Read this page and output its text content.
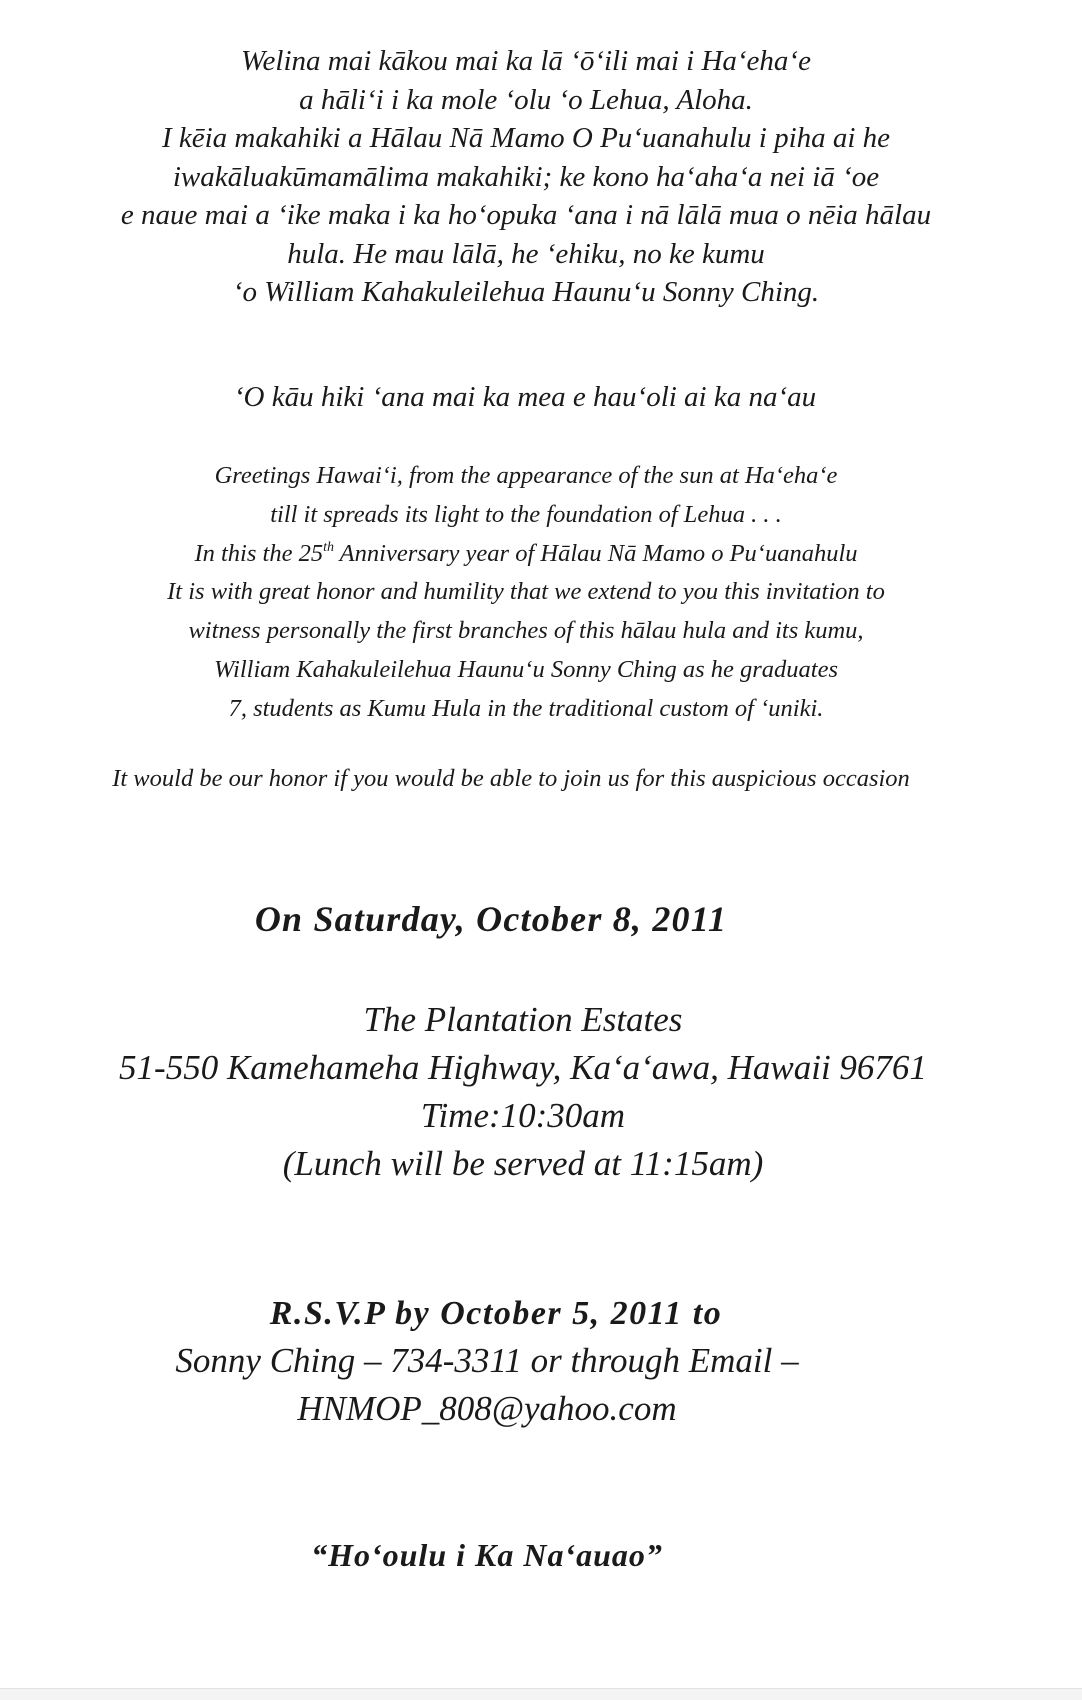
Welina mai kākou mai ka lā ʻōʻili mai i Haʻehaʻe
a hāliʻi i ka mole ʻolu ʻo Lehua, Aloha.
I kēia makahiki a Hālau Nā Mamo O Puʻuanahulu i piha ai he
iwakāluakūmamālima makahiki; ke kono haʻahaʻa nei iā ʻoe
e naue mai a ʻike maka i ka hoʻopuka ʻana i nā lālā mua o nēia hālau
hula. He mau lālā, he ʻehiku, no ke kumu
ʻo William Kahakuleilehua Haunuʻu Sonny Ching.
ʻO kāu hiki ʻana mai ka mea e hauʻoli ai ka naʻau
Greetings Hawaiʻi, from the appearance of the sun at Haʻehaʻe
till it spreads its light to the foundation of Lehua . . .
In this the 25th Anniversary year of Hālau Nā Mamo o Puʻuanahulu
It is with great honor and humility that we extend to you this invitation to
witness personally the first branches of this hālau hula and its kumu,
William Kahakuleilehua Haunuʻu Sonny Ching as he graduates
7, students as Kumu Hula in the traditional custom of ʻuniki.
It would be our honor if you would be able to join us for this auspicious occasion
On Saturday, October 8, 2011
The Plantation Estates
51-550 Kamehameha Highway, Kaʻaʻawa, Hawaii 96761
Time:10:30am
(Lunch will be served at 11:15am)
R.S.V.P by October 5, 2011 to
Sonny Ching – 734-3311 or through Email –
HNMOP_808@yahoo.com
“Hoʻoulu i Ka Naʻauao”
